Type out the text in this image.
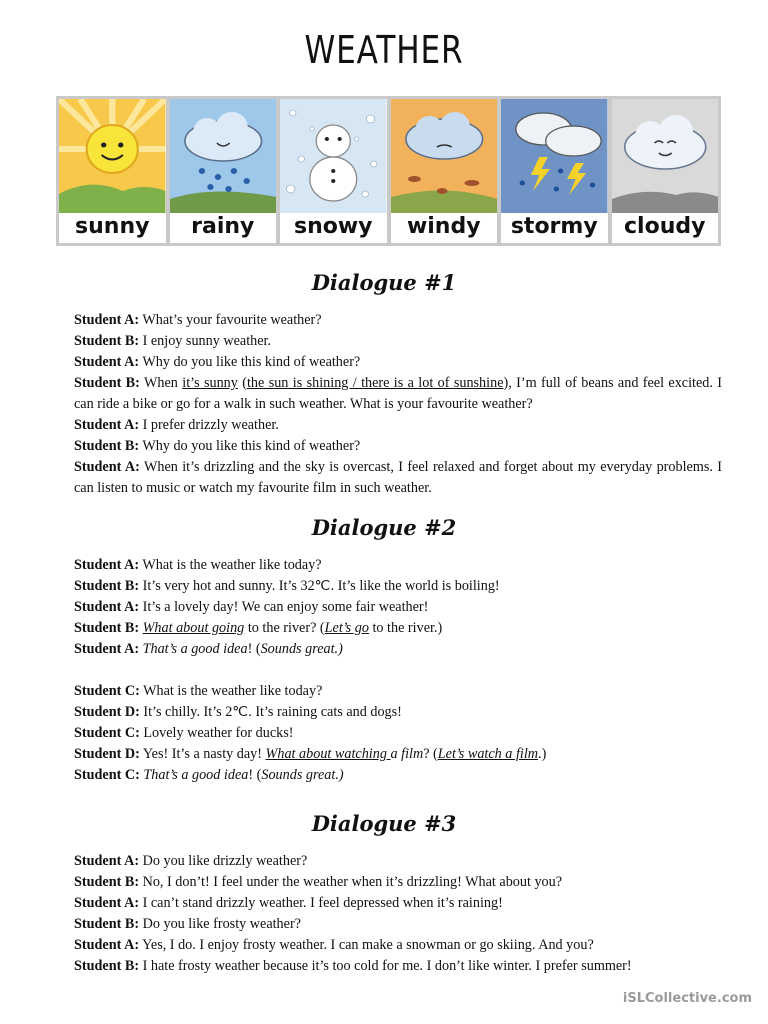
WEATHER
sunny	rainy	snowy	windy	stormy	cloudy
Dialogue #1

Student A: What’s your favourite weather?

Student B: I enjoy sunny weather.

Student A: Why do you like this kind of weather?

Student B: When it’s sunny (the sun is shining / there is a lot of sunshine), I’m full of beans and feel excited. I can ride a bike or go for a walk in such weather. What is your favourite weather?

Student A: I prefer drizzly weather.

Student B: Why do you like this kind of weather?

Student A: When it’s drizzling and the sky is overcast, I feel relaxed and forget about my everyday problems. I can listen to music or watch my favourite film in such weather.

Dialogue #2

Student A: What is the weather like today?

Student B: It’s very hot and sunny. It’s 32℃. It’s like the world is boiling!

Student A: It’s a lovely day! We can enjoy some fair weather!

Student B: What about going to the river? (Let’s go to the river.)

Student A: That’s a good idea! (Sounds great.)

Student C: What is the weather like today?

Student D: It’s chilly. It’s 2℃. It’s raining cats and dogs!

Student C: Lovely weather for ducks!

Student D: Yes! It’s a nasty day! What about watching a film? (Let’s watch a film.)

Student C: That’s a good idea! (Sounds great.)

Dialogue #3

Student A: Do you like drizzly weather?

Student B: No, I don’t! I feel under the weather when it’s drizzling! What about you?

Student A: I can’t stand drizzly weather. I feel depressed when it’s raining!

Student B: Do you like frosty weather?

Student A: Yes, I do. I enjoy frosty weather. I can make a snowman or go skiing. And you?

Student B: I hate frosty weather because it’s too cold for me. I don’t like winter. I prefer summer!

iSLCollective.com
